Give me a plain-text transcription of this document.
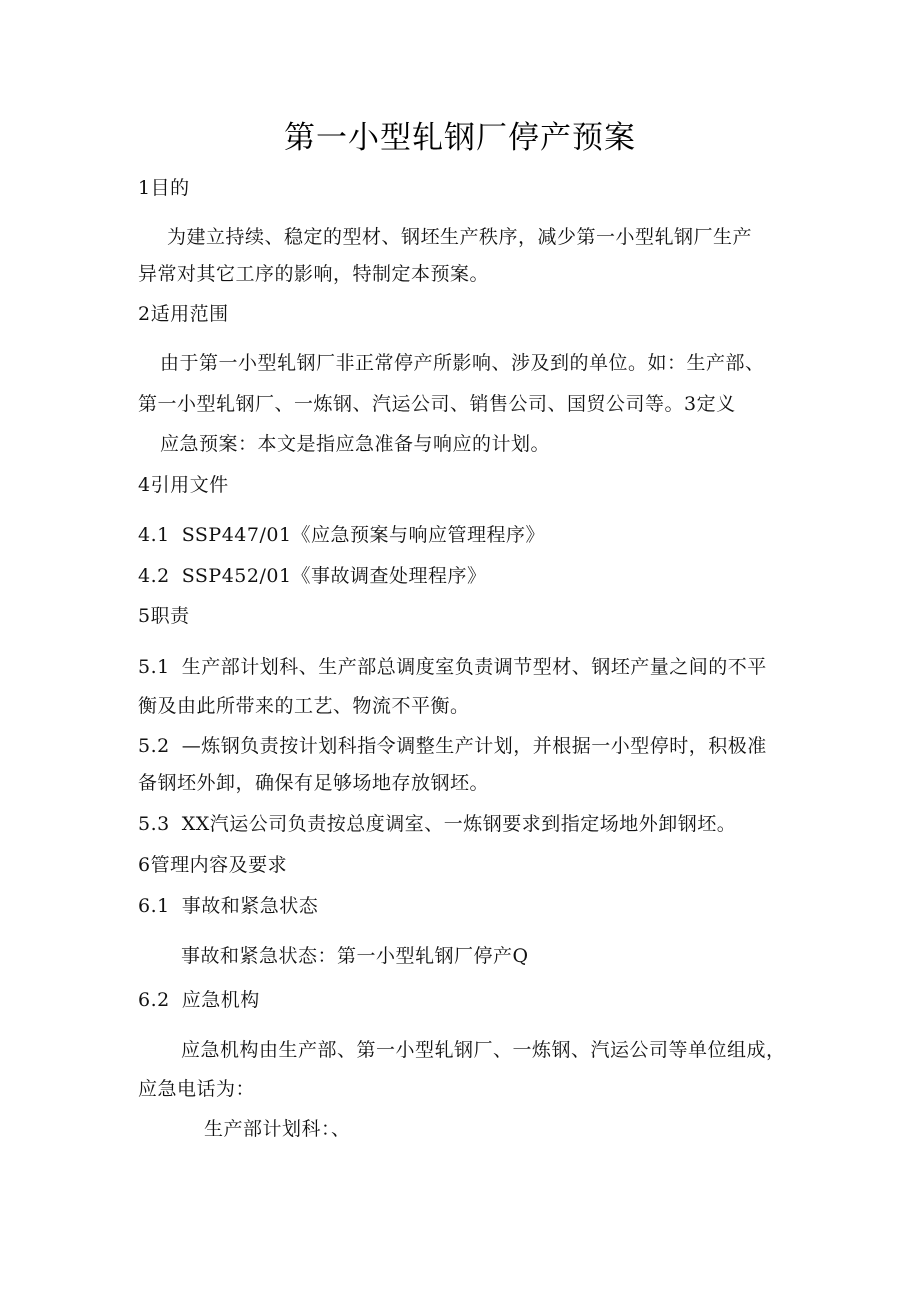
第一小型轧钢厂停产预案
1目的
为建立持续、稳定的型材、钢坯生产秩序，减少第一小型轧钢厂生产
异常对其它工序的影响，特制定本预案。
2适用范围
由于第一小型轧钢厂非正常停产所影响、涉及到的单位。如：生产部、
第一小型轧钢厂、一炼钢、汽运公司、销售公司、国贸公司等。3定义
应急预案：本文是指应急准备与响应的计划。
4引用文件
4.1 SSP447/01《应急预案与响应管理程序》
4.2 SSP452/01《事故调查处理程序》
5职责
5.1 生产部计划科、生产部总调度室负责调节型材、钢坯产量之间的不平
衡及由此所带来的工艺、物流不平衡。
5.2 —炼钢负责按计划科指令调整生产计划，并根据一小型停时，积极准
备钢坯外卸，确保有足够场地存放钢坯。
5.3 XX汽运公司负责按总度调室、一炼钢要求到指定场地外卸钢坯。
6管理内容及要求
6.1 事故和紧急状态
事故和紧急状态：第一小型轧钢厂停产Q
6.2 应急机构
应急机构由生产部、第一小型轧钢厂、一炼钢、汽运公司等单位组成，
应急电话为：
生产部计划科：、
